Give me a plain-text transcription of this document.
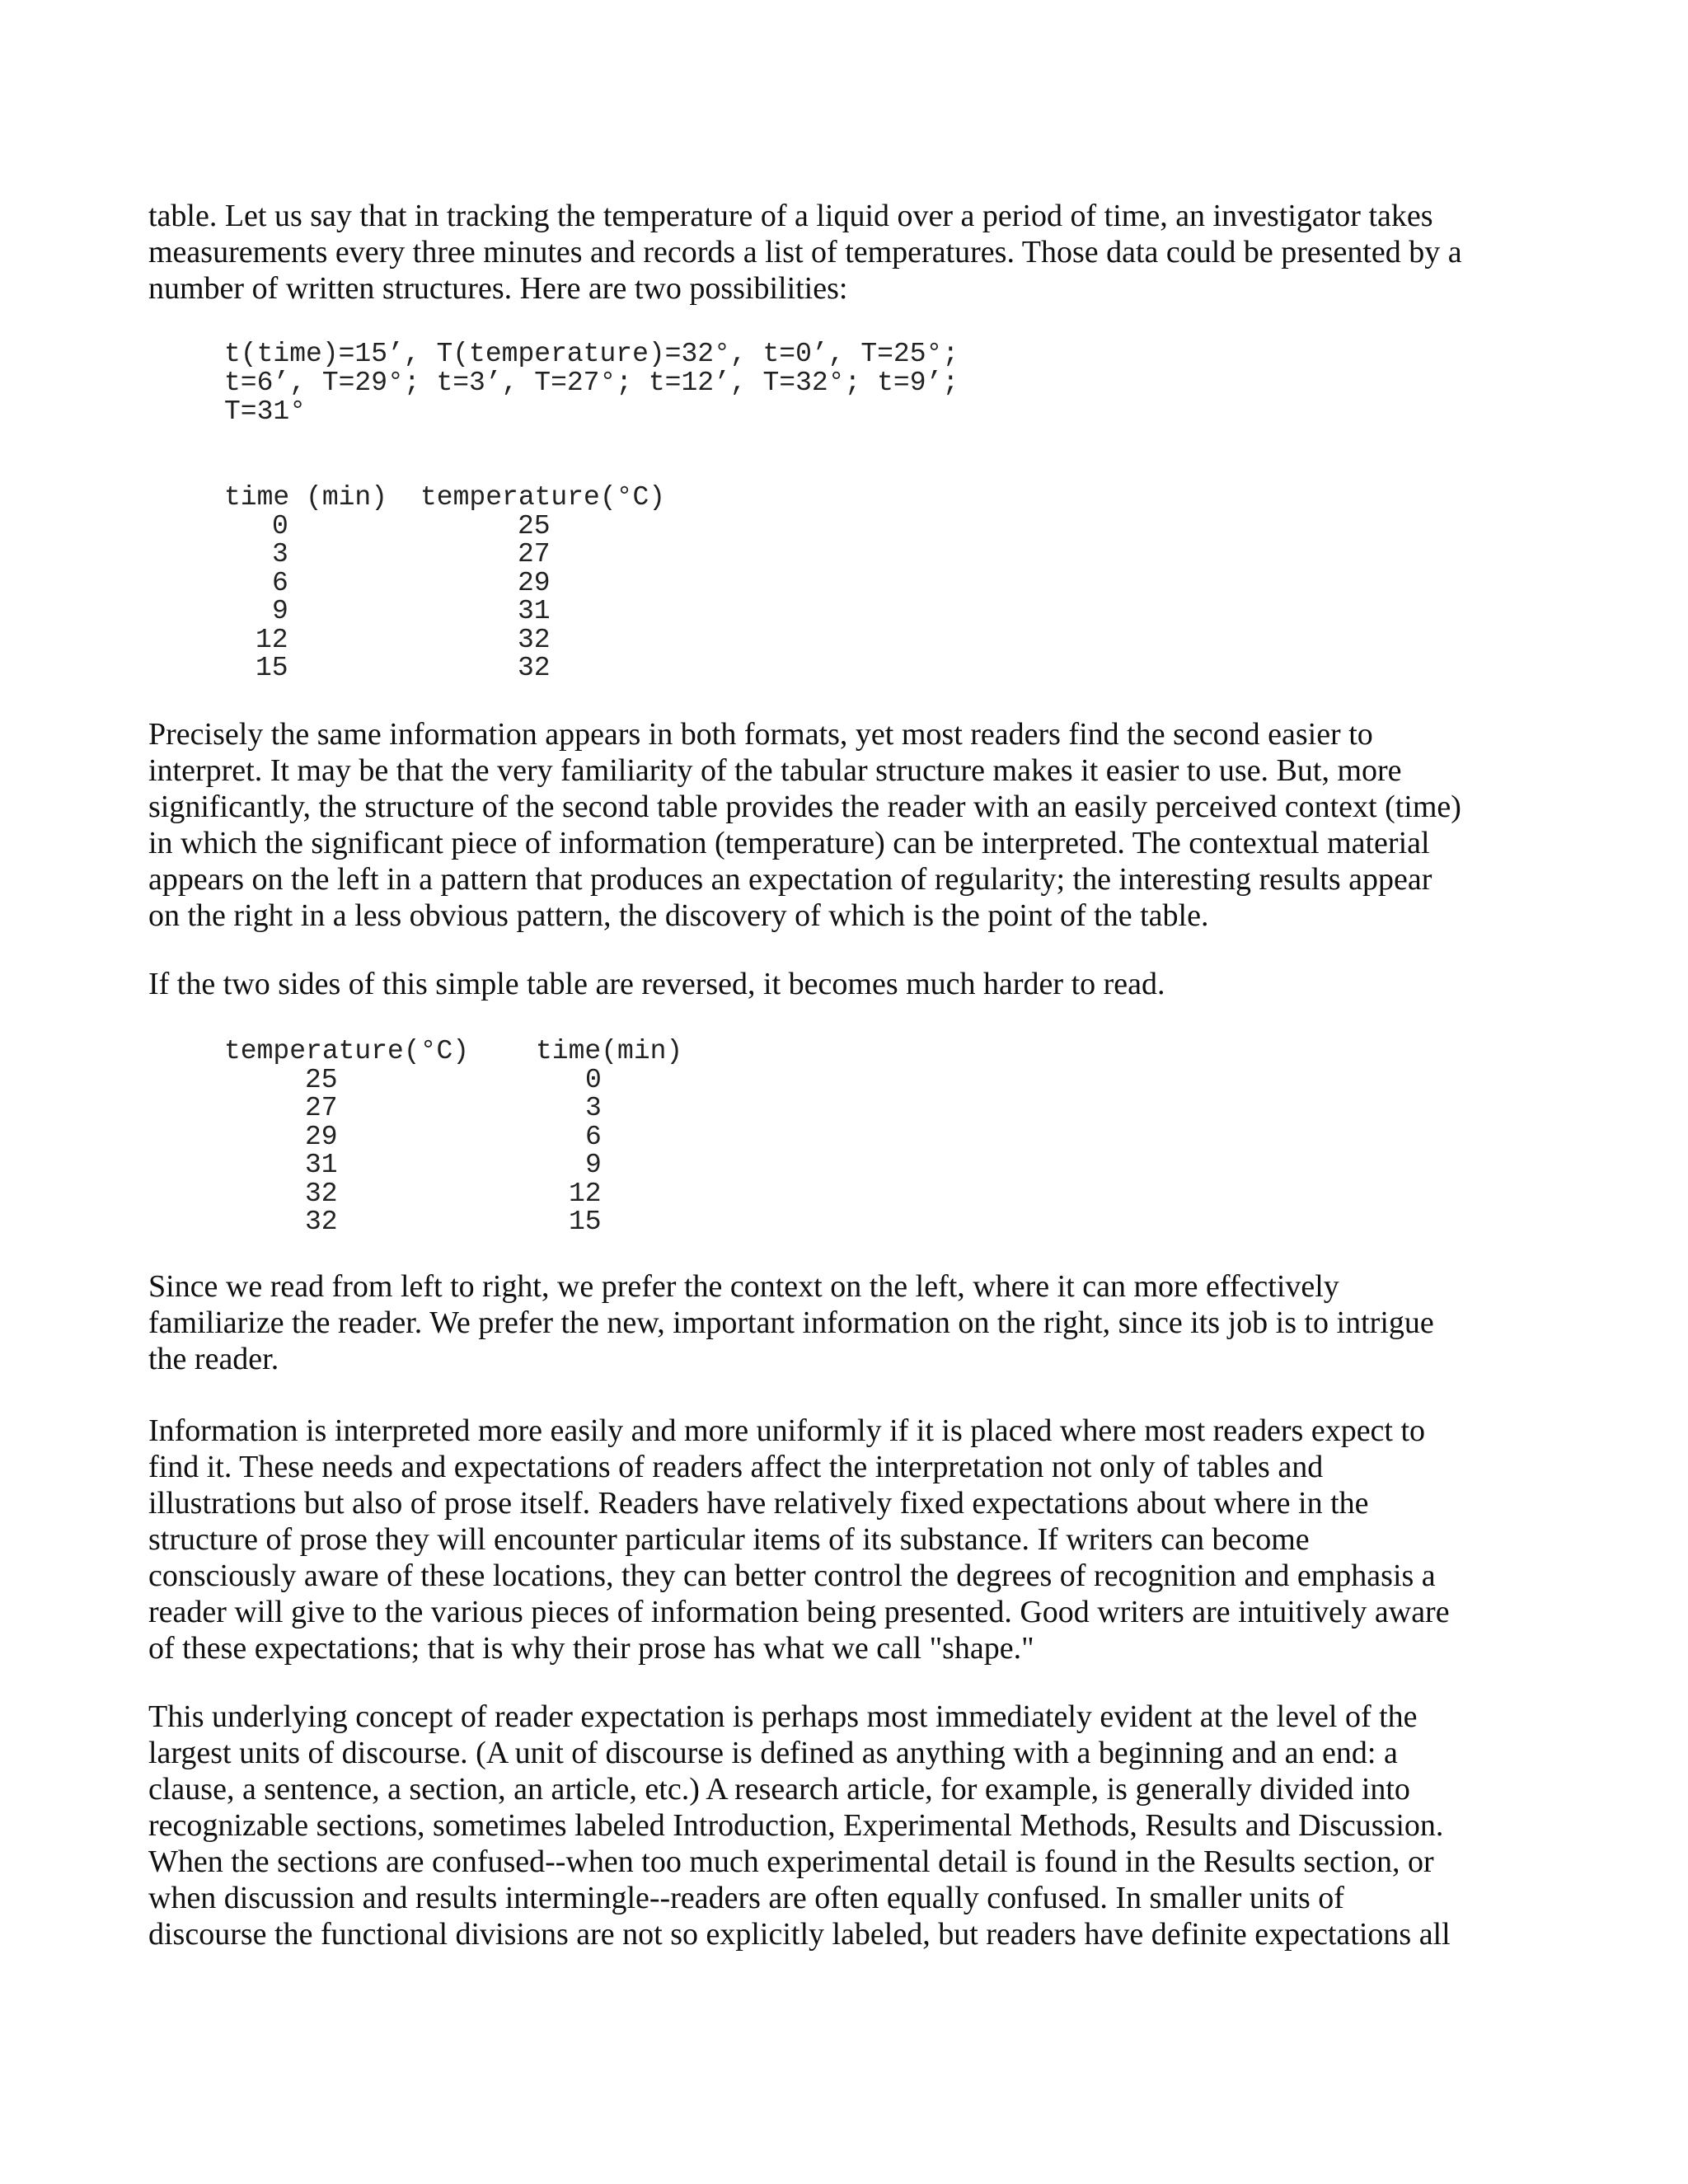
table. Let us say that in tracking the temperature of a liquid over a period of time, an investigator takes
measurements every three minutes and records a list of temperatures. Those data could be presented by a
number of written structures. Here are two possibilities:

t(time)=15’, T(temperature)=32°, t=0’, T=25°;
t=6’, T=29°; t=3’, T=27°; t=12’, T=32°; t=9’;
T=31°
time (min) temperature(°C)
0	25
3	27
6	29
9	31
12	32
15	32

Precisely the same information appears in both formats, yet most readers find the second easier to
interpret. It may be that the very familiarity of the tabular structure makes it easier to use. But, more
significantly, the structure of the second table provides the reader with an easily perceived context (time)
in which the significant piece of information (temperature) can be interpreted. The contextual material
appears on the left in a pattern that produces an expectation of regularity; the interesting results appear
on the right in a less obvious pattern, the discovery of which is the point of the table.

If the two sides of this simple table are reversed, it becomes much harder to read.

temperature(°C) time(min)
25	0
27	3
29	6
31	9
32	12
32	15

Since we read from left to right, we prefer the context on the left, where it can more effectively
familiarize the reader. We prefer the new, important information on the right, since its job is to intrigue
the reader.

Information is interpreted more easily and more uniformly if it is placed where most readers expect to
find it. These needs and expectations of readers affect the interpretation not only of tables and
illustrations but also of prose itself. Readers have relatively fixed expectations about where in the
structure of prose they will encounter particular items of its substance. If writers can become
consciously aware of these locations, they can better control the degrees of recognition and emphasis a
reader will give to the various pieces of information being presented. Good writers are intuitively aware
of these expectations; that is why their prose has what we call "shape."

This underlying concept of reader expectation is perhaps most immediately evident at the level of the
largest units of discourse. (A unit of discourse is defined as anything with a beginning and an end: a
clause, a sentence, a section, an article, etc.) A research article, for example, is generally divided into
recognizable sections, sometimes labeled Introduction, Experimental Methods, Results and Discussion.
When the sections are confused--when too much experimental detail is found in the Results section, or
when discussion and results intermingle--readers are often equally confused. In smaller units of
discourse the functional divisions are not so explicitly labeled, but readers have definite expectations all
